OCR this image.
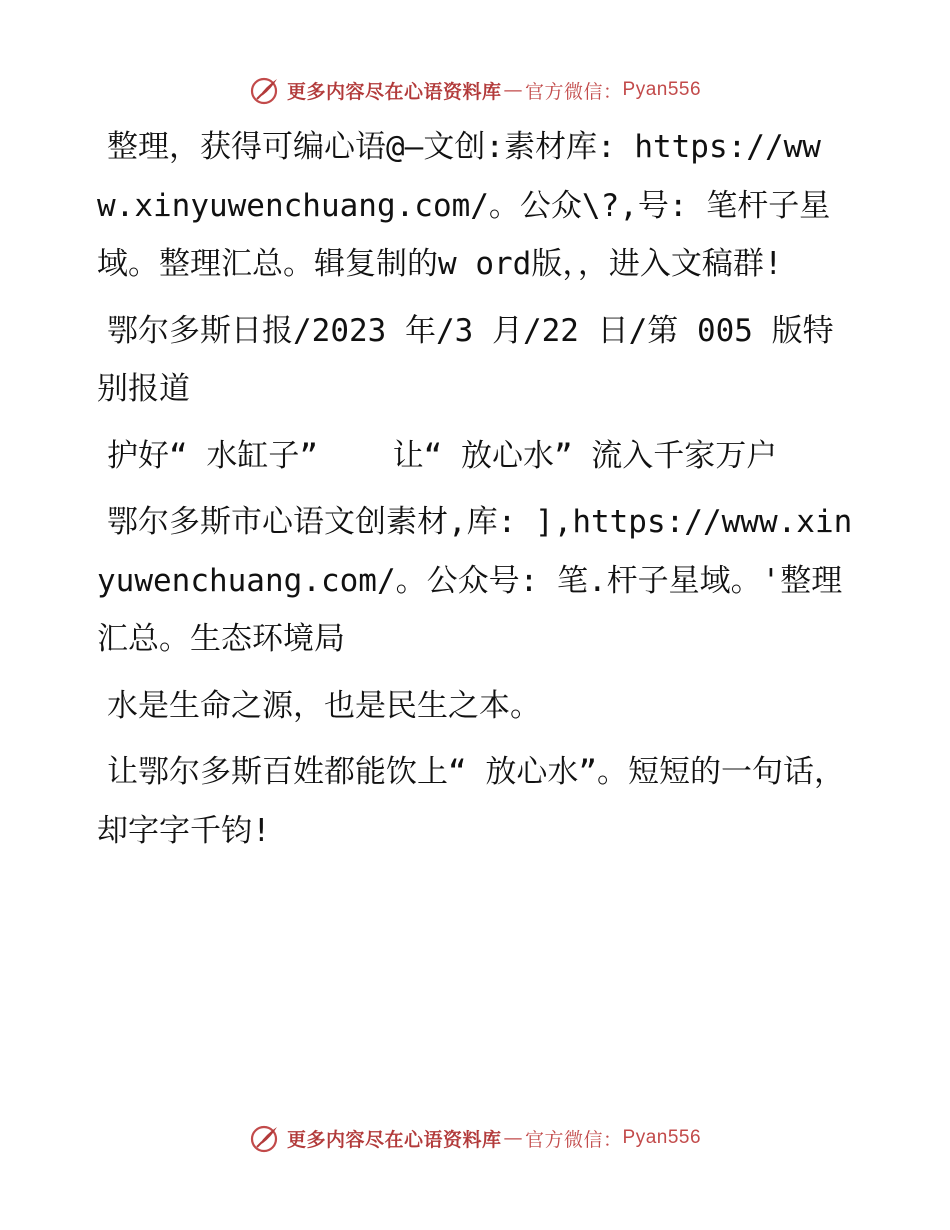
更多内容尽在心语资料库 — 官方微信 ： Pyan556

整理，获得可编心语@—文创:素材库: https://www.xinyuwenchuang.com/。公众\?,号: 笔杆子星域。整理汇总。辑复制的w ord版，，进入文稿群!

鄂尔多斯日报/2023 年/3 月/22 日/第 005 版特别报道

护好“ 水缸子”    让“ 放心水” 流入千家万户

鄂尔多斯市心语文创素材,库: ],https://www.xinyuwenchuang.com/。公众号: 笔.杆子星域。'整理汇总。生态环境局

水是生命之源，也是民生之本。

让鄂尔多斯百姓都能饮上“ 放心水”。短短的一句话，却字字千钧!

更多内容尽在心语资料库 — 官方微信 ： Pyan556
